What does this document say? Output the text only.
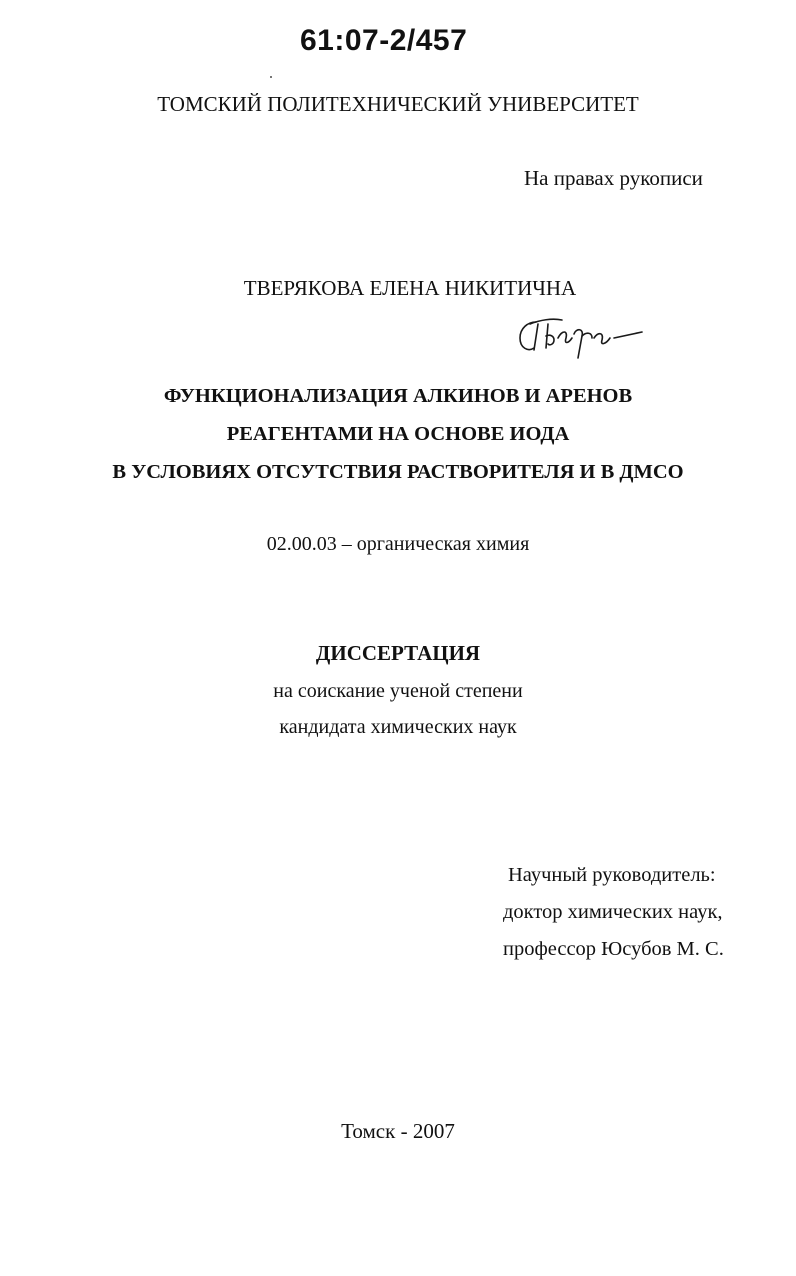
61:07-2/457
ТОМСКИЙ ПОЛИТЕХНИЧЕСКИЙ УНИВЕРСИТЕТ
На правах рукописи
ТВЕРЯКОВА ЕЛЕНА НИКИТИЧНА
ФУНКЦИОНАЛИЗАЦИЯ АЛКИНОВ И АРЕНОВ
РЕАГЕНТАМИ НА ОСНОВЕ ИОДА
В УСЛОВИЯХ ОТСУТСТВИЯ РАСТВОРИТЕЛЯ И В ДМСО
02.00.03 – органическая химия
ДИССЕРТАЦИЯ
на соискание ученой степени
кандидата химических наук
Научный руководитель:
доктор химических наук,
профессор Юсубов М. С.
Томск - 2007
